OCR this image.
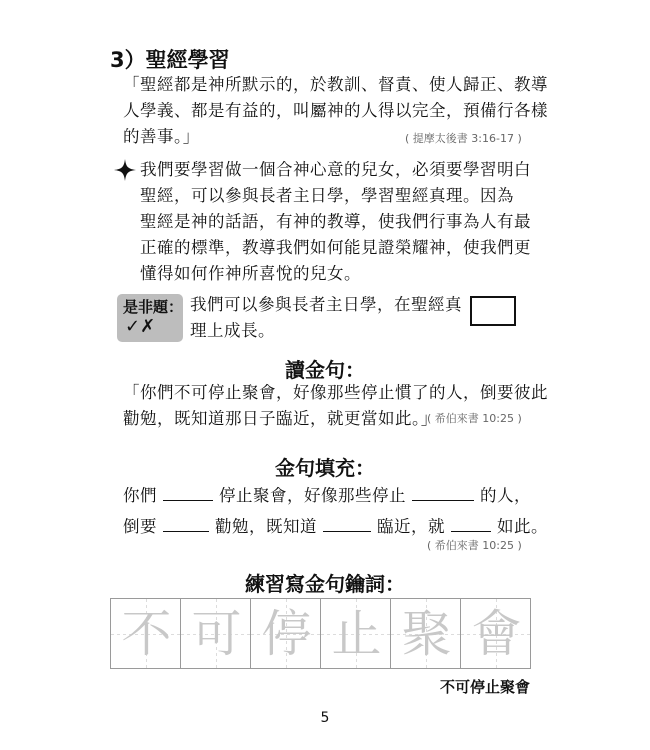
3）聖經學習
「聖經都是神所默示的，於教訓、督責、使人歸正、教導
人學義、都是有益的，叫屬神的人得以完全，預備行各樣
的善事。」	( 提摩太後書 3:16-17 )
我們要學習做一個合神心意的兒女，必須要學習明白
聖經，可以參與長者主日學，學習聖經真理。因為
聖經是神的話語，有神的教導，使我們行事為人有最
正確的標準，教導我們如何能見證榮耀神，使我們更
懂得如何作神所喜悅的兒女。
是非題：
✓✗
我們可以參與長者主日學，在聖經真
理上成長。
讀金句：
「你們不可停止聚會，好像那些停止慣了的人，倒要彼此
勸勉，既知道那日子臨近，就更當如此。」
( 希伯來書 10:25 )
金句填充：
你們	停止聚會，好像那些停止	的人，
倒要	勸勉，既知道	臨近，就	如此。
( 希伯來書 10:25 )
練習寫金句鑰詞：
不 可 停 止 聚 會
不可停止聚會
5
